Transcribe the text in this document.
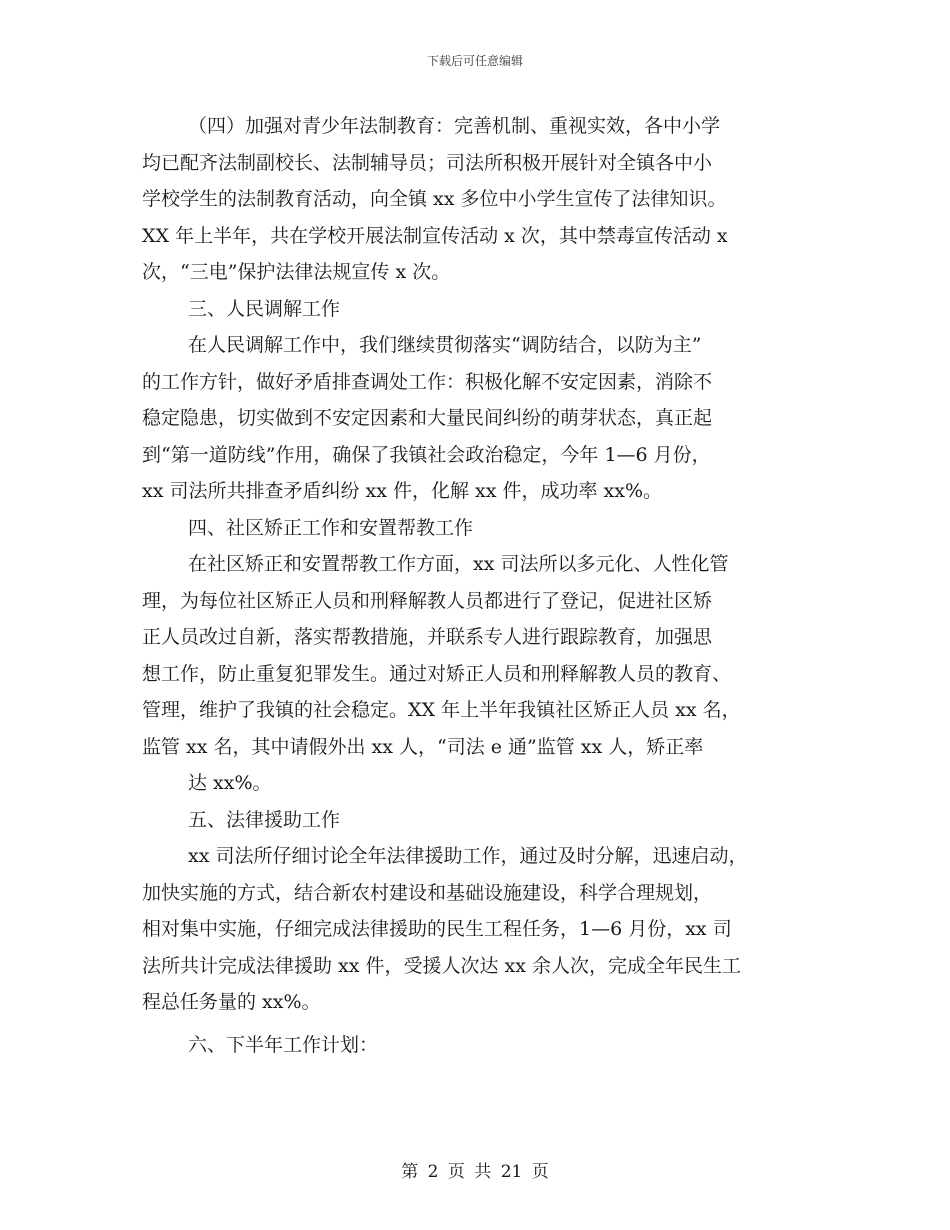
下载后可任意编辑
（四）加强对青少年法制教育：完善机制、重视实效，各中小学
均已配齐法制副校长、法制辅导员；司法所积极开展针对全镇各中小
学校学生的法制教育活动，向全镇 xx 多位中小学生宣传了法律知识。
XX 年上半年，共在学校开展法制宣传活动 x 次，其中禁毒宣传活动 x
次，“三电”保护法律法规宣传 x 次。
三、人民调解工作
在人民调解工作中，我们继续贯彻落实“调防结合，以防为主”
的工作方针，做好矛盾排查调处工作：积极化解不安定因素，消除不
稳定隐患，切实做到不安定因素和大量民间纠纷的萌芽状态，真正起
到“第一道防线”作用，确保了我镇社会政治稳定，今年 1—6 月份，
xx 司法所共排查矛盾纠纷 xx 件，化解 xx 件，成功率 xx%。
四、社区矫正工作和安置帮教工作
在社区矫正和安置帮教工作方面，xx 司法所以多元化、人性化管
理，为每位社区矫正人员和刑释解教人员都进行了登记，促进社区矫
正人员改过自新，落实帮教措施，并联系专人进行跟踪教育，加强思
想工作，防止重复犯罪发生。通过对矫正人员和刑释解教人员的教育、
管理，维护了我镇的社会稳定。XX 年上半年我镇社区矫正人员 xx 名，
监管 xx 名，其中请假外出 xx 人，“司法 e 通”监管 xx 人，矫正率
达 xx%。
五、法律援助工作
xx 司法所仔细讨论全年法律援助工作，通过及时分解，迅速启动，
加快实施的方式，结合新农村建设和基础设施建设，科学合理规划，
相对集中实施，仔细完成法律援助的民生工程任务，1—6 月份，xx 司
法所共计完成法律援助 xx 件，受援人次达 xx 余人次，完成全年民生工
程总任务量的 xx%。
六、下半年工作计划：
第 2 页 共 21 页
